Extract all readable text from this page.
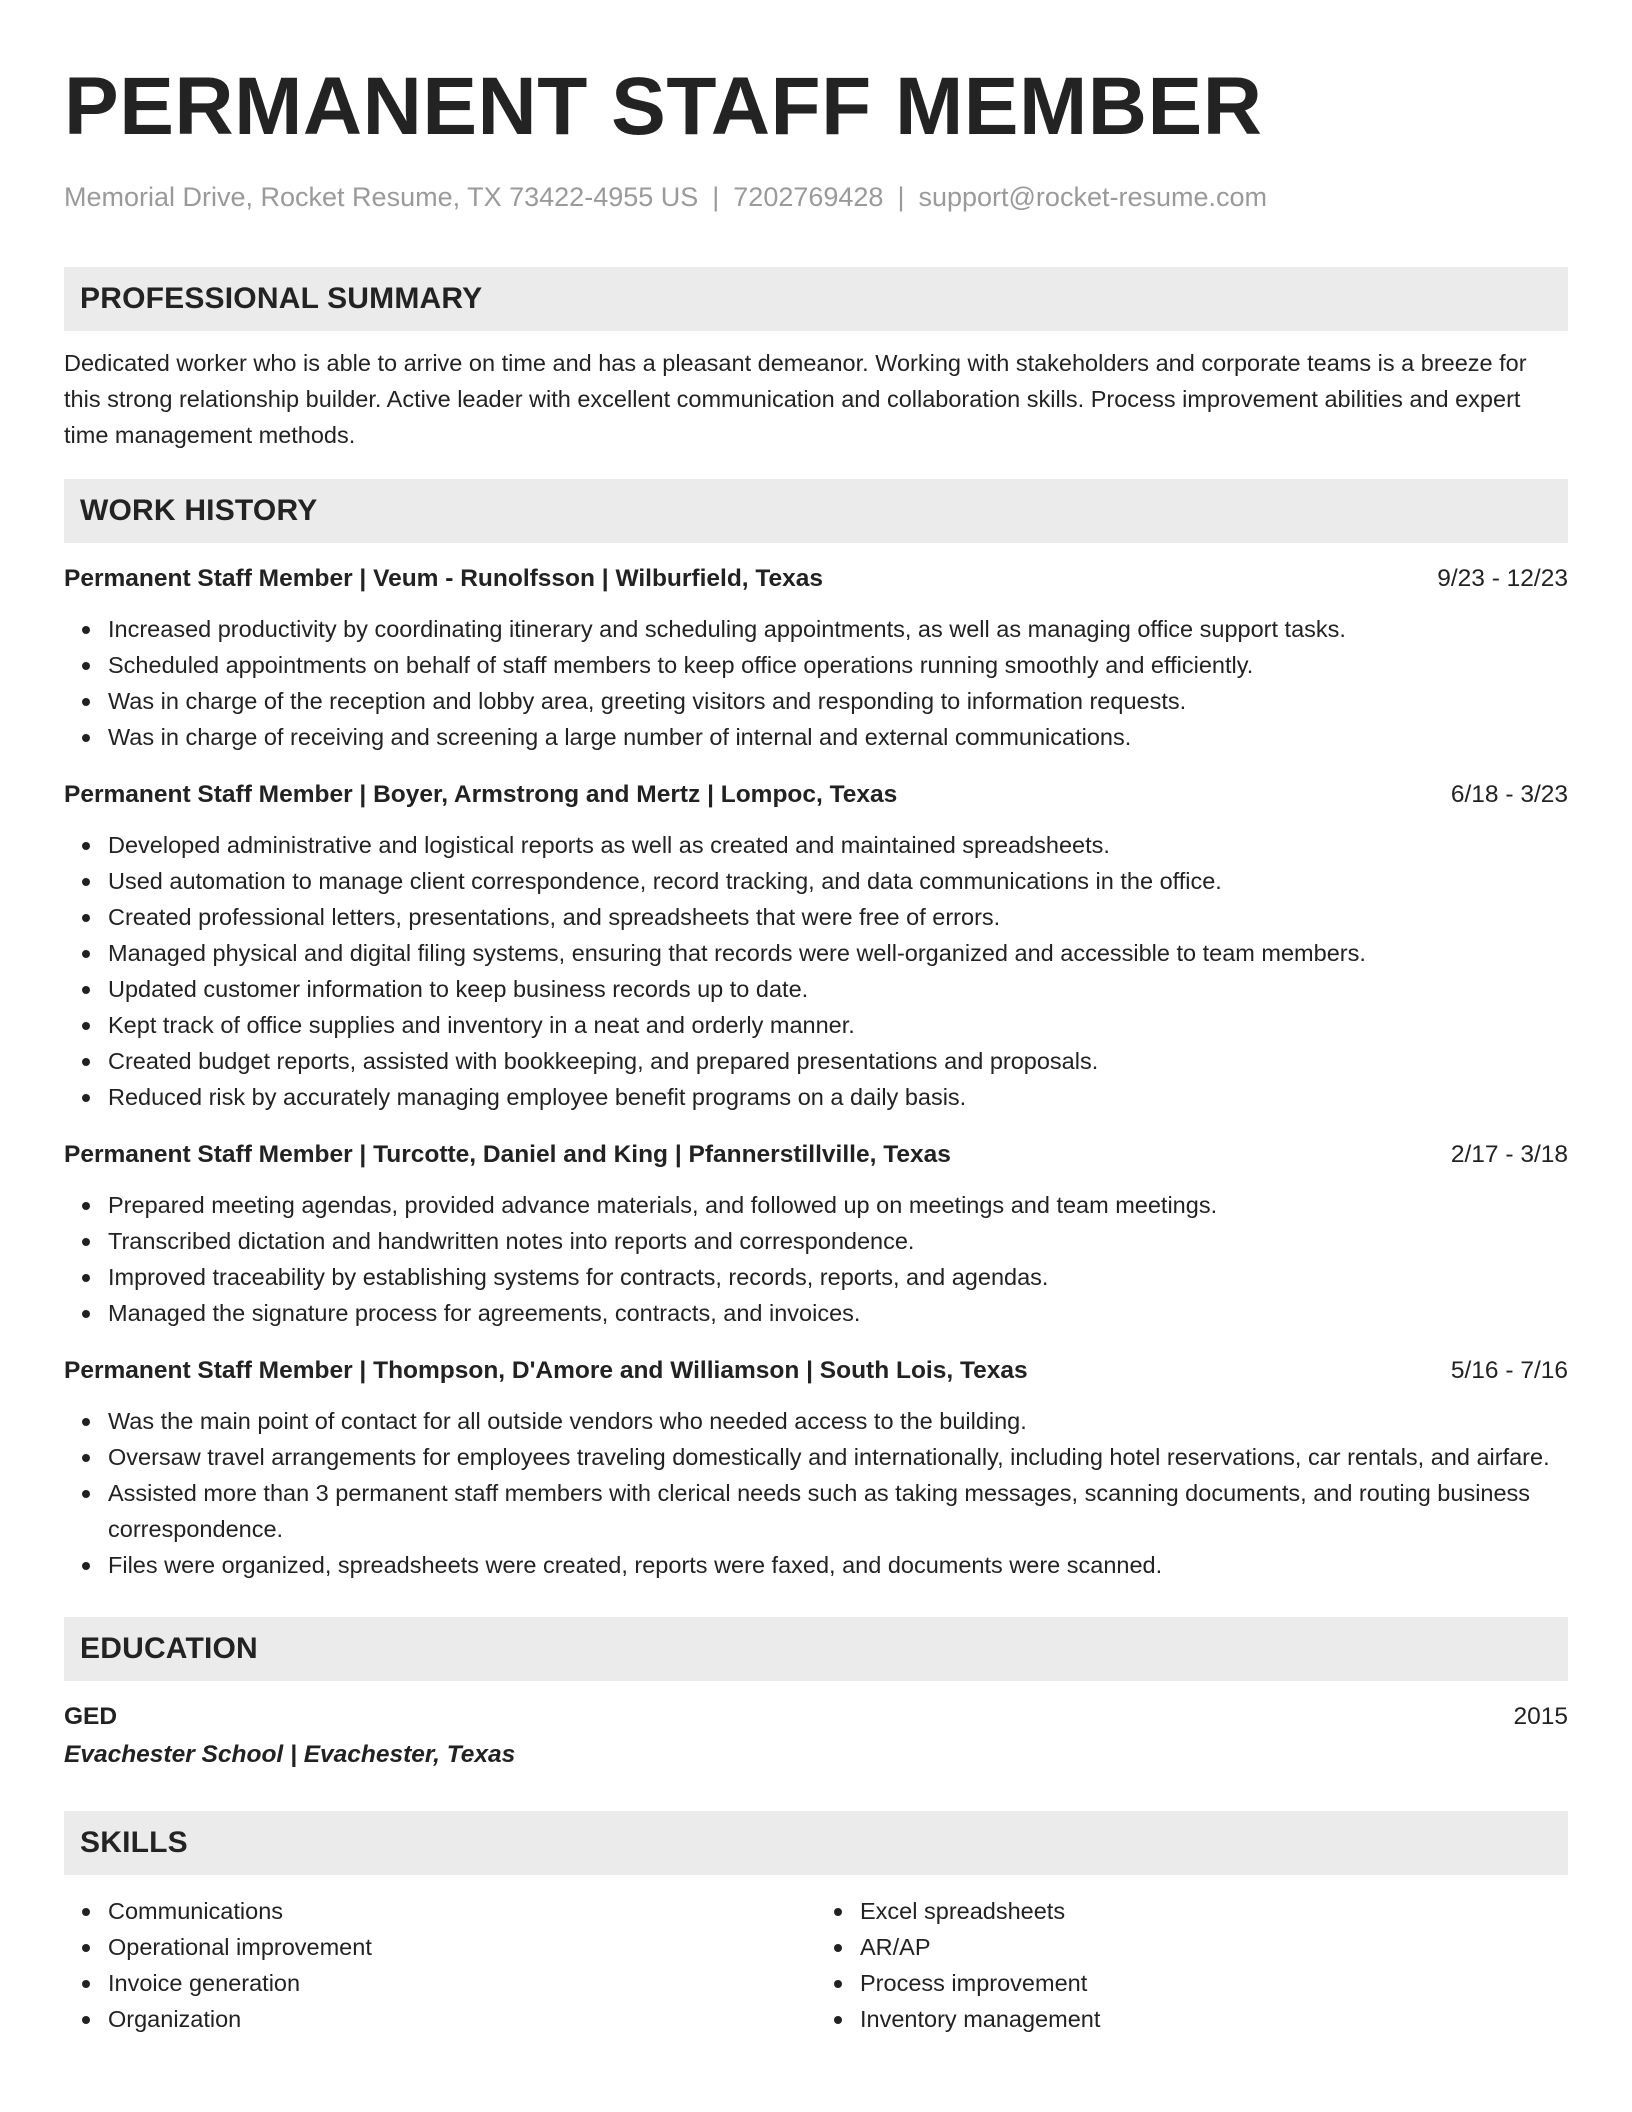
PERMANENT STAFF MEMBER
Memorial Drive, Rocket Resume, TX 73422-4955 US | 7202769428 | support@rocket-resume.com
PROFESSIONAL SUMMARY

Dedicated worker who is able to arrive on time and has a pleasant demeanor. Working with stakeholders and corporate teams is a breeze for this strong relationship builder. Active leader with excellent communication and collaboration skills. Process improvement abilities and expert time management methods.

WORK HISTORY
Permanent Staff Member | Veum - Runolfsson | Wilburfield, Texas	9/23 - 12/23
Increased productivity by coordinating itinerary and scheduling appointments, as well as managing office support tasks.
Scheduled appointments on behalf of staff members to keep office operations running smoothly and efficiently.
Was in charge of the reception and lobby area, greeting visitors and responding to information requests.
Was in charge of receiving and screening a large number of internal and external communications.
Permanent Staff Member | Boyer, Armstrong and Mertz | Lompoc, Texas	6/18 - 3/23
Developed administrative and logistical reports as well as created and maintained spreadsheets.
Used automation to manage client correspondence, record tracking, and data communications in the office.
Created professional letters, presentations, and spreadsheets that were free of errors.
Managed physical and digital filing systems, ensuring that records were well-organized and accessible to team members.
Updated customer information to keep business records up to date.
Kept track of office supplies and inventory in a neat and orderly manner.
Created budget reports, assisted with bookkeeping, and prepared presentations and proposals.
Reduced risk by accurately managing employee benefit programs on a daily basis.
Permanent Staff Member | Turcotte, Daniel and King | Pfannerstillville, Texas	2/17 - 3/18
Prepared meeting agendas, provided advance materials, and followed up on meetings and team meetings.
Transcribed dictation and handwritten notes into reports and correspondence.
Improved traceability by establishing systems for contracts, records, reports, and agendas.
Managed the signature process for agreements, contracts, and invoices.
Permanent Staff Member | Thompson, D'Amore and Williamson | South Lois, Texas	5/16 - 7/16
Was the main point of contact for all outside vendors who needed access to the building.
Oversaw travel arrangements for employees traveling domestically and internationally, including hotel reservations, car rentals, and airfare.
Assisted more than 3 permanent staff members with clerical needs such as taking messages, scanning documents, and routing business correspondence.
Files were organized, spreadsheets were created, reports were faxed, and documents were scanned.
EDUCATION
GED	2015
Evachester School | Evachester, Texas
SKILLS
Communications
Operational improvement
Invoice generation
Organization
Excel spreadsheets
AR/AP
Process improvement
Inventory management
